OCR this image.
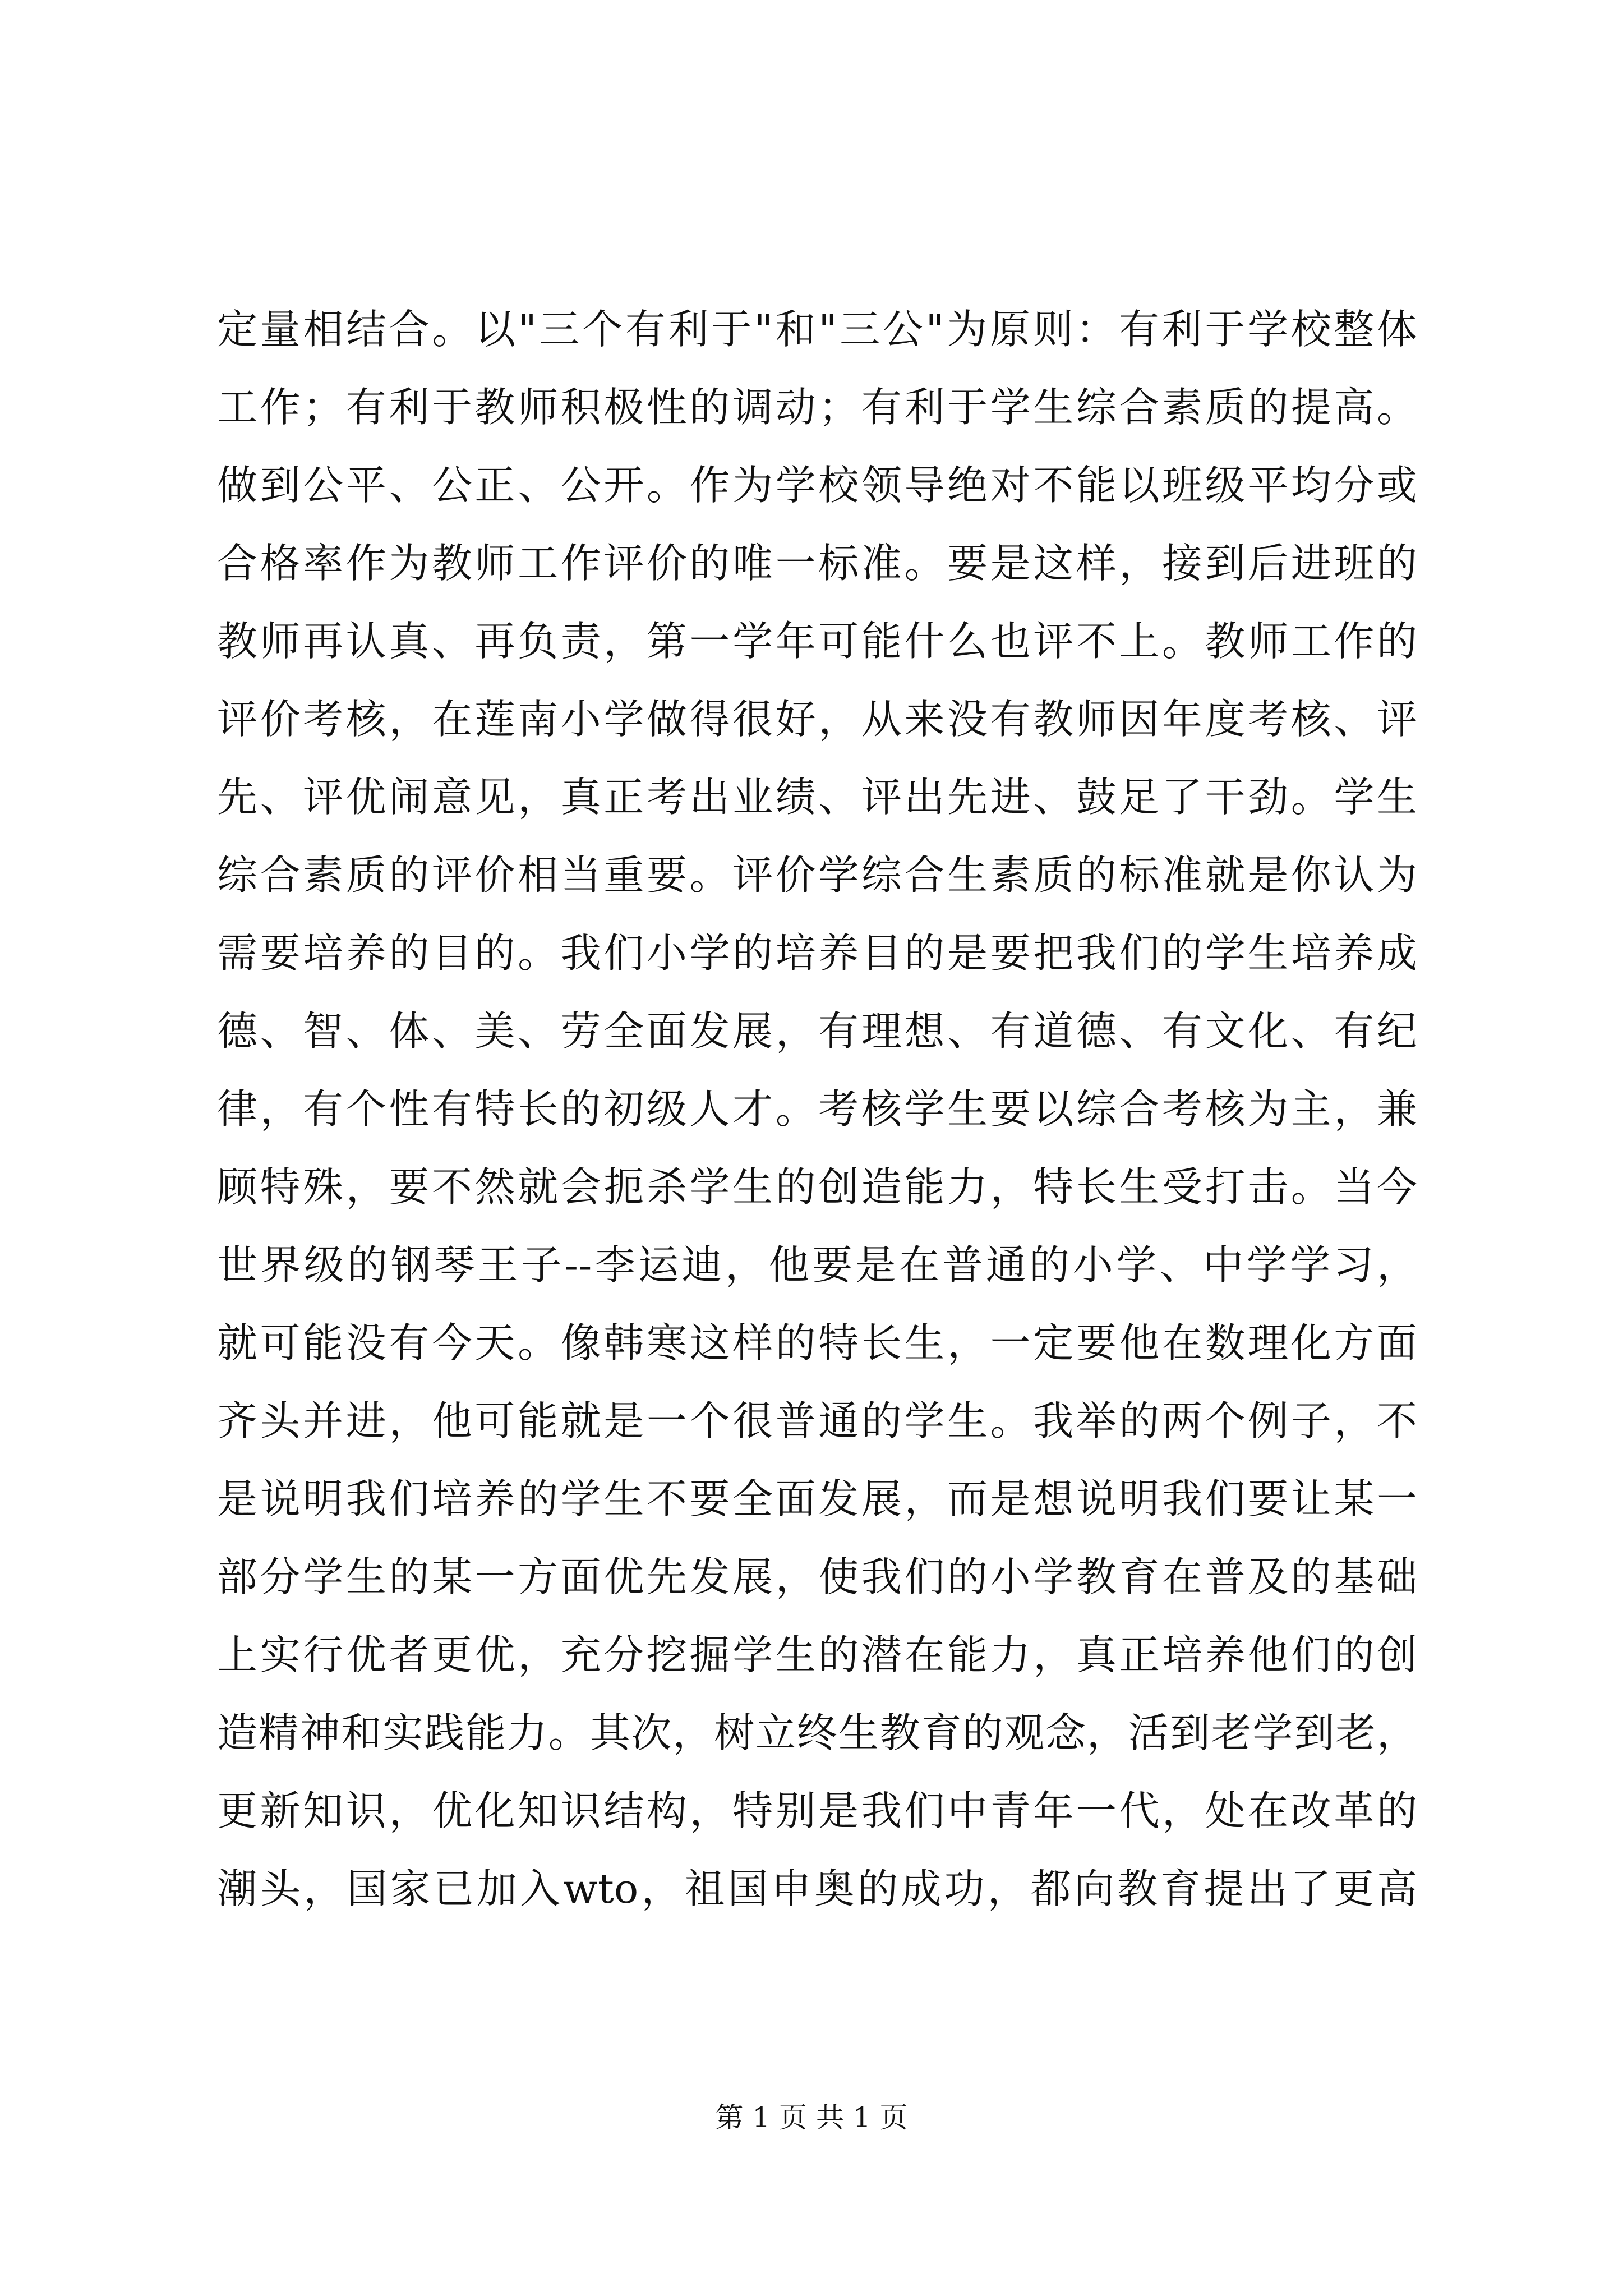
定量相结合。以"三个有利于"和"三公"为原则：有利于学校整体
工作；有利于教师积极性的调动；有利于学生综合素质的提高。
做到公平、公正、公开。作为学校领导绝对不能以班级平均分或
合格率作为教师工作评价的唯一标准。要是这样，接到后进班的
教师再认真、再负责，第一学年可能什么也评不上。教师工作的
评价考核，在莲南小学做得很好，从来没有教师因年度考核、评
先、评优闹意见，真正考出业绩、评出先进、鼓足了干劲。学生
综合素质的评价相当重要。评价学综合生素质的标准就是你认为
需要培养的目的。我们小学的培养目的是要把我们的学生培养成
德、智、体、美、劳全面发展，有理想、有道德、有文化、有纪
律，有个性有特长的初级人才。考核学生要以综合考核为主，兼
顾特殊，要不然就会扼杀学生的创造能力，特长生受打击。当今
世界级的钢琴王子--李运迪，他要是在普通的小学、中学学习，
就可能没有今天。像韩寒这样的特长生，一定要他在数理化方面
齐头并进，他可能就是一个很普通的学生。我举的两个例子，不
是说明我们培养的学生不要全面发展，而是想说明我们要让某一
部分学生的某一方面优先发展，使我们的小学教育在普及的基础
上实行优者更优，充分挖掘学生的潜在能力，真正培养他们的创
造精神和实践能力。其次，树立终生教育的观念，活到老学到老，
更新知识，优化知识结构，特别是我们中青年一代，处在改革的
潮头，国家已加入wto，祖国申奥的成功，都向教育提出了更高
第 1 页 共 1 页
